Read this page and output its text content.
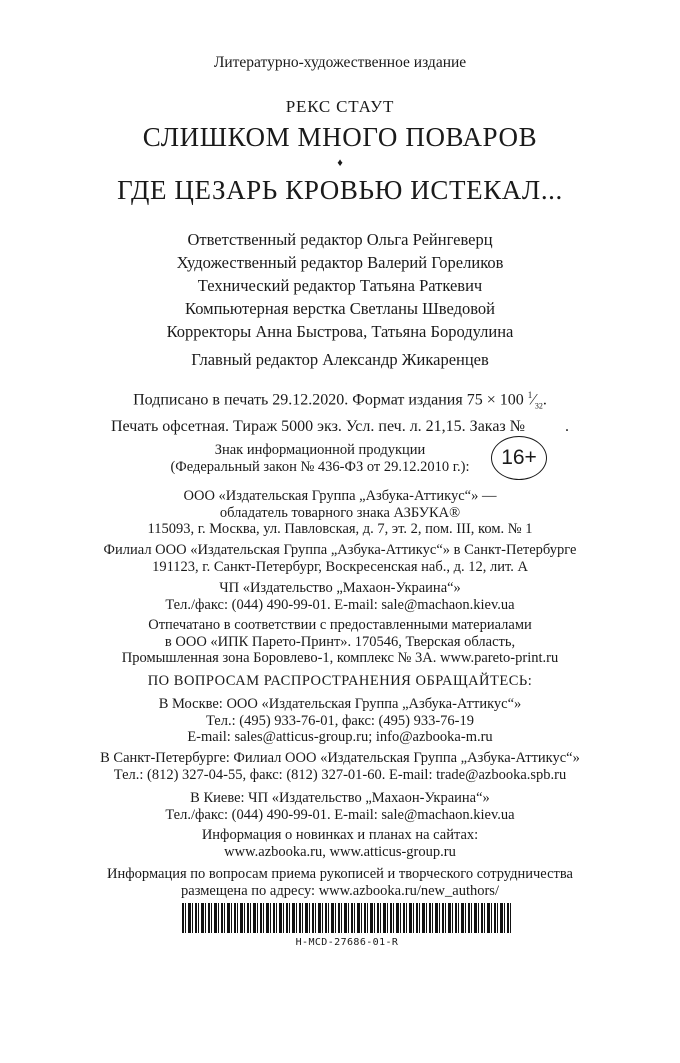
Литературно-художественное издание
РЕКС СТАУТ
СЛИШКОМ МНОГО ПОВАРОВ
♦
ГДЕ ЦЕЗАРЬ КРОВЬЮ ИСТЕКАЛ...
Ответственный редактор Ольга Рейнгеверц
Художественный редактор Валерий Гореликов
Технический редактор Татьяна Раткевич
Компьютерная верстка Светланы Шведовой
Корректоры Анна Быстрова, Татьяна Бородулина
Главный редактор Александр Жикаренцев
Подписано в печать 29.12.2020. Формат издания 75 × 100 $^1⁄_{32}$.
Печать офсетная. Тираж 5000 экз. Усл. печ. л. 21,15. Заказ №          .
Знак информационной продукции
(Федеральный закон № 436-ФЗ от 29.12.2010 г.):	16+
ООО «Издательская Группа „Азбука-Аттикус“» —
обладатель товарного знака АЗБУКА®
115093, г. Москва, ул. Павловская, д. 7, эт. 2, пом. III, ком. № 1
Филиал ООО «Издательская Группа „Азбука-Аттикус“» в Санкт-Петербурге
191123, г. Санкт-Петербург, Воскресенская наб., д. 12, лит. А
ЧП «Издательство „Махаон-Украина“»
Тел./факс: (044) 490-99-01. E-mail: sale@machaon.kiev.ua
Отпечатано в соответствии с предоставленными материалами
в ООО «ИПК Парето-Принт». 170546, Тверская область,
Промышленная зона Боровлево-1, комплекс № 3А. www.pareto-print.ru
ПО ВОПРОСАМ РАСПРОСТРАНЕНИЯ ОБРАЩАЙТЕСЬ:
В Москве: ООО «Издательская Группа „Азбука-Аттикус“»
Тел.: (495) 933-76-01, факс: (495) 933-76-19
E-mail: sales@atticus-group.ru; info@azbooka-m.ru
В Санкт-Петербурге: Филиал ООО «Издательская Группа „Азбука-Аттикус“»
Тел.: (812) 327-04-55, факс: (812) 327-01-60. E-mail: trade@azbooka.spb.ru
В Киеве: ЧП «Издательство „Махаон-Украина“»
Тел./факс: (044) 490-99-01. E-mail: sale@machaon.kiev.ua
Информация о новинках и планах на сайтах:
www.azbooka.ru, www.atticus-group.ru
Информация по вопросам приема рукописей и творческого сотрудничества
размещена по адресу: www.azbooka.ru/new_authors/
H-MCD-27686-01-R
